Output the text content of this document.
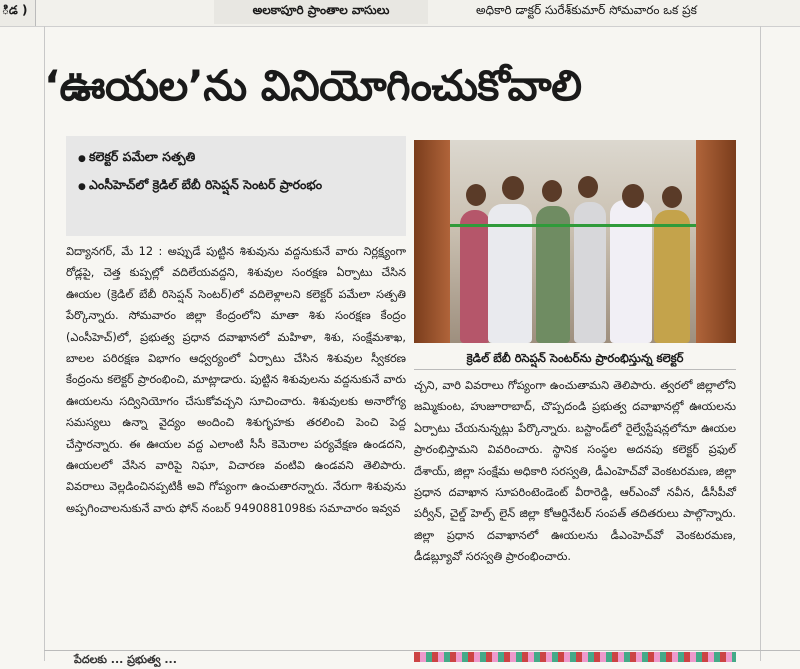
ిడ )	అలకాపూరి ప్రాంతాల వాసులు	అధికారి డాక్టర్ సురేశ్‌కుమార్ సోమవారం ఒక ప్రక
‘ఊయల’ను వినియోగించుకోవాలి
● కలెక్టర్ పమేలా సత్పతి
● ఎంసీహెచ్‌లో క్రెడిల్ బేబీ రిసెప్షన్ సెంటర్ ప్రారంభం
క్రెడిల్ బేబీ రిసెప్షన్ సెంటర్‌ను ప్రారంభిస్తున్న కలెక్టర్
విద్యానగర్, మే 12 : అప్పుడే పుట్టిన శిశువును వద్దనుకునే వారు నిర్లక్ష్యంగా రోడ్లపై, చెత్త కుప్పల్లో వదిలేయవద్దని, శిశువుల సంరక్షణ ఏర్పాటు చేసిన ఊయల (క్రెడిల్ బేబీ రిసెప్షన్ సెంటర్)లో వదిలెళ్లాలని కలెక్టర్ పమేలా సత్పతి పేర్కొన్నారు. సోమవారం జిల్లా కేంద్రంలోని మాతా శిశు సంరక్షణ కేంద్రం (ఎంసీహెచ్)లో, ప్రభుత్వ ప్రధాన దవాఖానలో మహిళా, శిశు, సంక్షేమశాఖ, బాలల పరిరక్షణ విభాగం ఆధ్వర్యంలో ఏర్పాటు చేసిన శిశువుల స్వీకరణ కేంద్రంను కలెక్టర్ ప్రారంభించి, మాట్లాడారు. పుట్టిన శిశువులను వద్దనుకునే వారు ఊయలను సద్వినియోగం చేసుకోవచ్చని సూచించారు. శిశువులకు అనారోగ్య సమస్యలు ఉన్నా వైద్యం అందించి శిశుగృహకు తరలించి పెంచి పెద్ద చేస్తారన్నారు. ఈ ఊయల వద్ద ఎలాంటి సీసీ కెమెరాల పర్యవేక్షణ ఉండదని, ఊయలలో వేసిన వారిపై నిఘా, విచారణ వంటివి ఉండవని తెలిపారు. వివరాలు వెల్లడించినప్పటికీ అవి గోప్యంగా ఉంచుతారన్నారు. నేరుగా శిశువును అప్పగించాలనుకునే వారు ఫోన్ నంబర్ 9490881098కు సమాచారం ఇవ్వవ
చ్చని, వారి వివరాలు గోప్యంగా ఉంచుతామని తెలిపారు. త్వరలో జిల్లాలోని జమ్మికుంట, హుజూరాబాద్, చొప్పదండి ప్రభుత్వ దవాఖానల్లో ఊయలను ఏర్పాటు చేయనున్నట్లు పేర్కొన్నారు. బస్టాండ్‌లో రైల్వేస్టేషన్లలోనూ ఊయల ప్రారంభిస్తామని వివరించారు. స్థానిక సంస్థల అదనపు కలెక్టర్ ప్రఫుల్ దేశాయ్, జిల్లా సంక్షేమ అధికారి సరస్వతి, డీఎంహెచ్‌వో వెంకటరమణ, జిల్లా ప్రధాన దవాఖాన సూపరింటెండెంట్ వీరారెడ్డి, ఆర్ఎంవో నవీన, డీసీపీవో పర్వీన్, చైల్డ్ హెల్ప్ లైన్ జిల్లా కోఆర్డినేటర్ సంపత్ తదితరులు పాల్గొన్నారు. జిల్లా ప్రధాన దవాఖానలో ఊయలను డీఎంహెచ్‌వో వెంకటరమణ, డీడబ్ల్యూవో సరస్వతి ప్రారంభించారు.
పేదలకు ... ప్రభుత్వ ...
